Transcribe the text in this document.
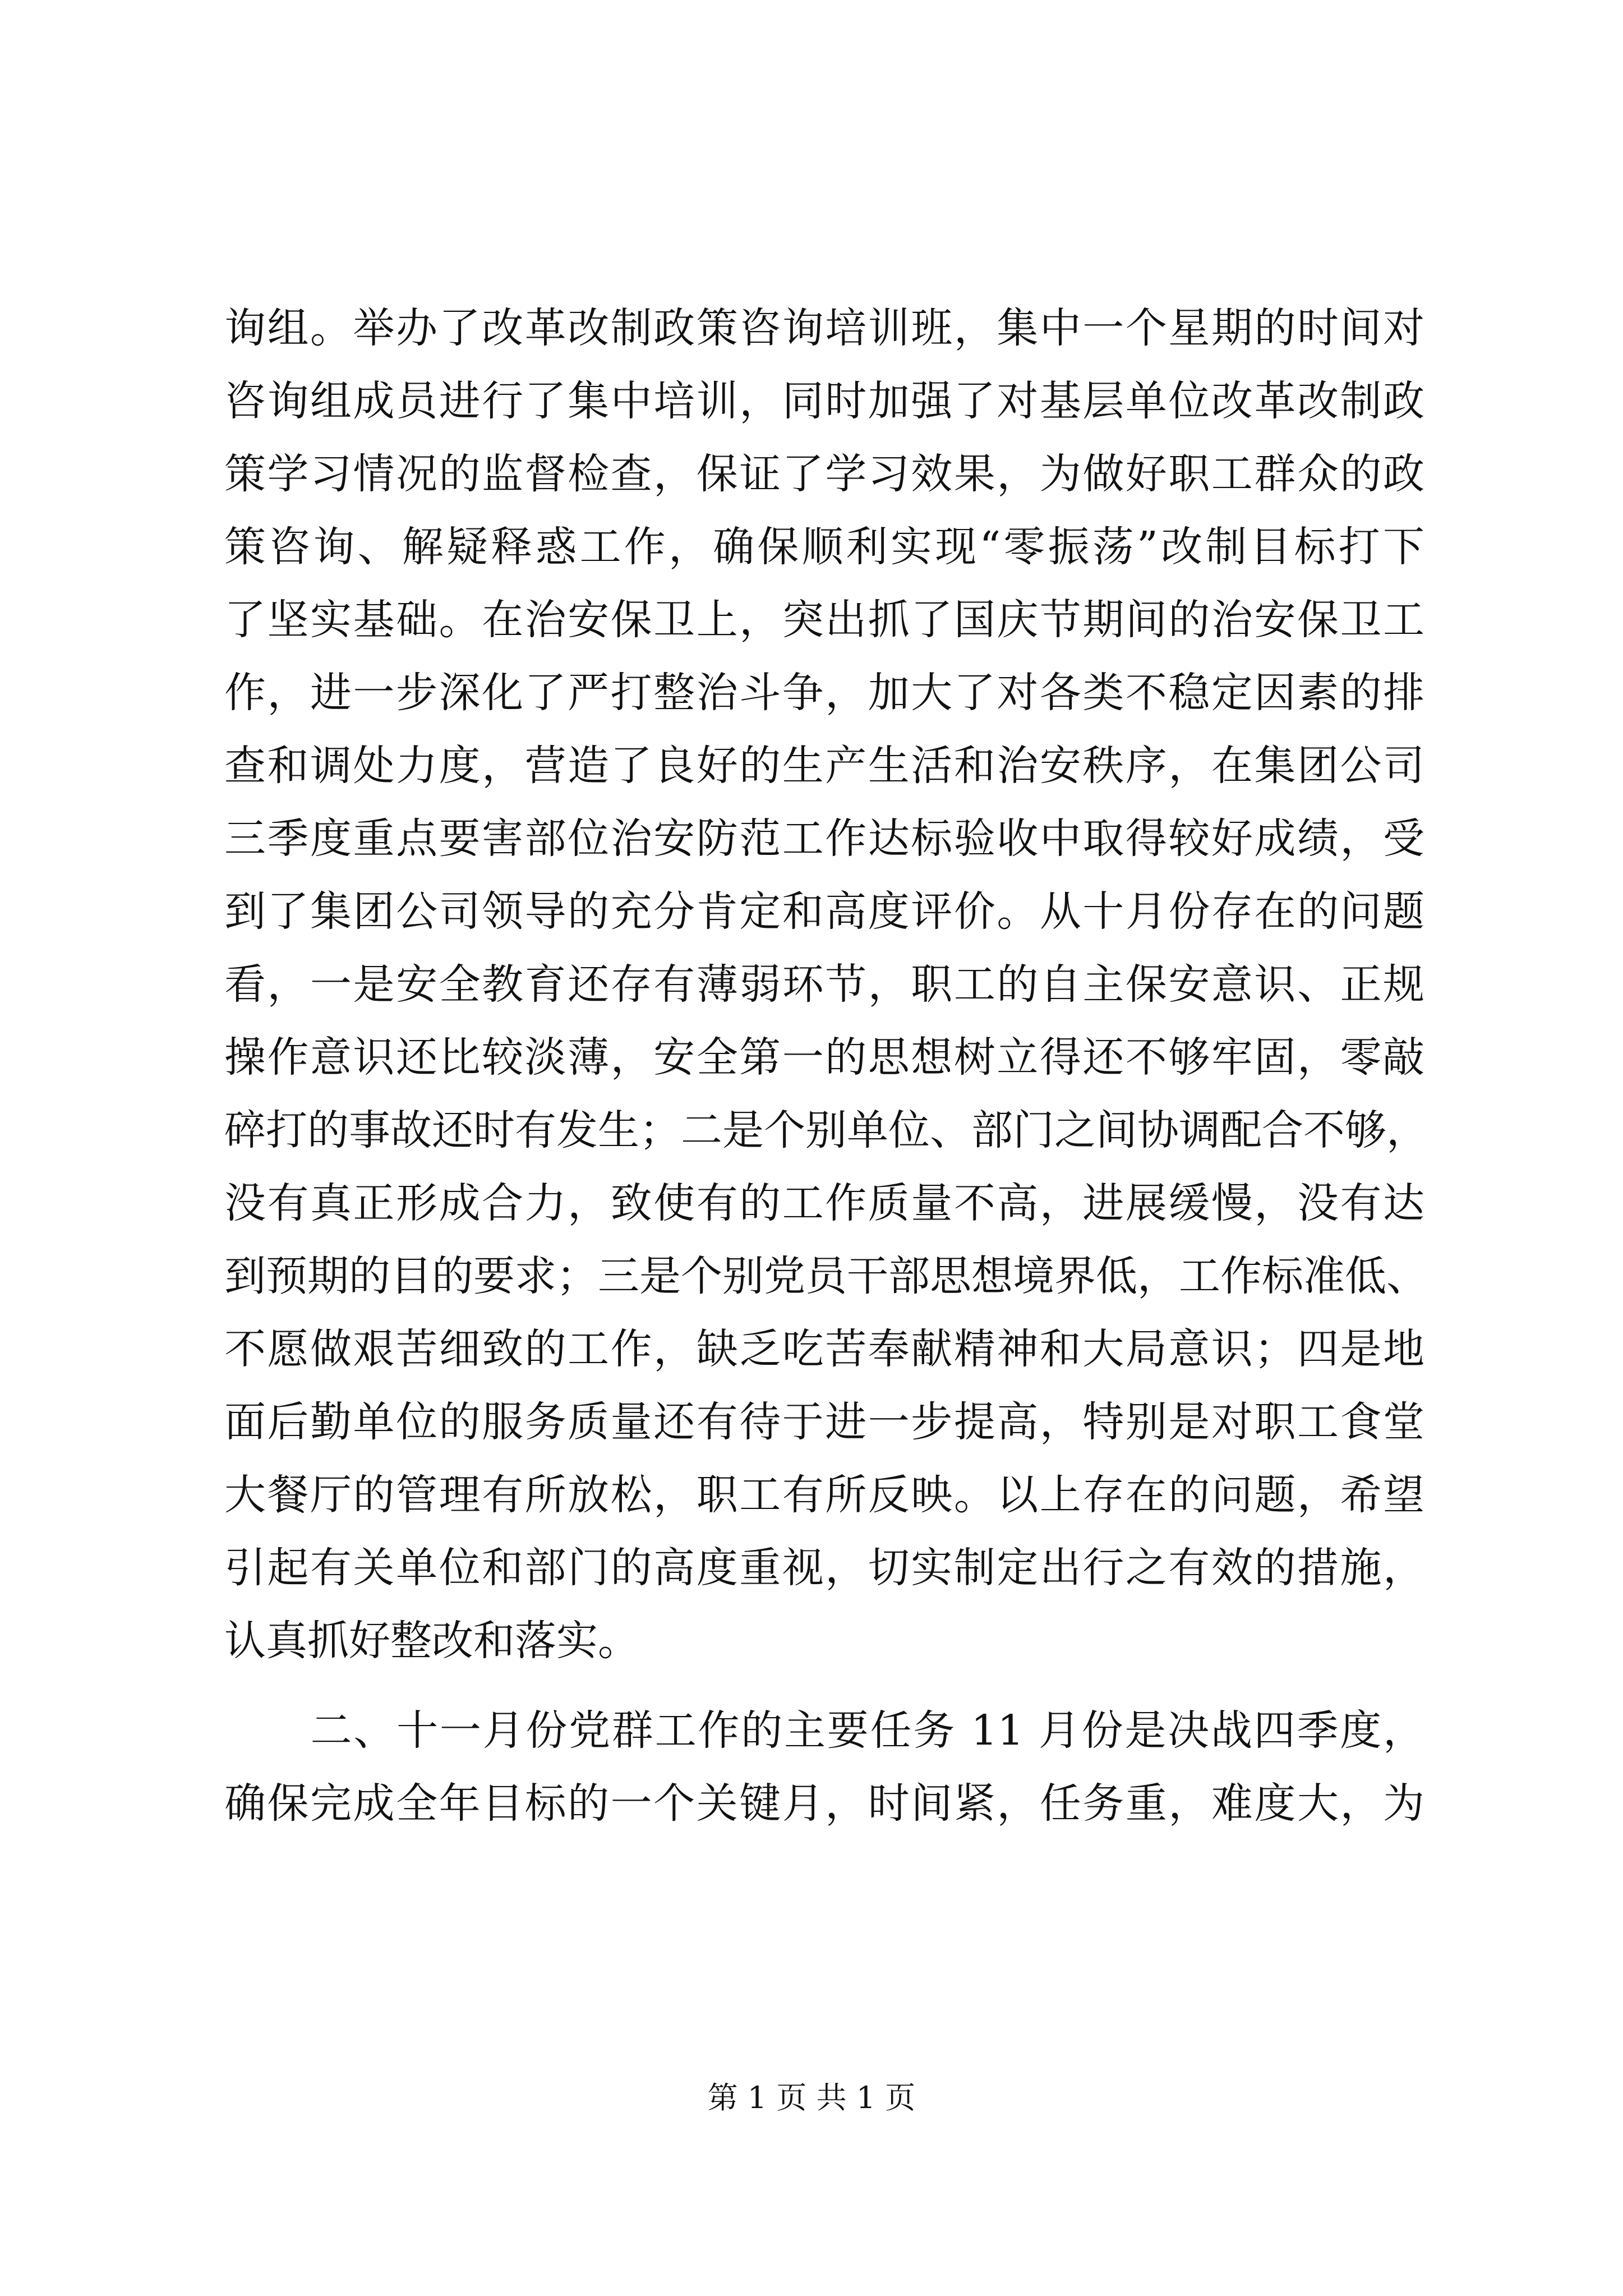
询组。举办了改革改制政策咨询培训班，集中一个星期的时间对
咨询组成员进行了集中培训，同时加强了对基层单位改革改制政
策学习情况的监督检查，保证了学习效果，为做好职工群众的政
策咨询、解疑释惑工作，确保顺利实现“零振荡”改制目标打下
了坚实基础。在治安保卫上，突出抓了国庆节期间的治安保卫工
作，进一步深化了严打整治斗争，加大了对各类不稳定因素的排
查和调处力度，营造了良好的生产生活和治安秩序，在集团公司
三季度重点要害部位治安防范工作达标验收中取得较好成绩，受
到了集团公司领导的充分肯定和高度评价。从十月份存在的问题
看，一是安全教育还存有薄弱环节，职工的自主保安意识、正规
操作意识还比较淡薄，安全第一的思想树立得还不够牢固，零敲
碎打的事故还时有发生；二是个别单位、部门之间协调配合不够，
没有真正形成合力，致使有的工作质量不高，进展缓慢，没有达
到预期的目的要求；三是个别党员干部思想境界低，工作标准低、
不愿做艰苦细致的工作，缺乏吃苦奉献精神和大局意识；四是地
面后勤单位的服务质量还有待于进一步提高，特别是对职工食堂
大餐厅的管理有所放松，职工有所反映。以上存在的问题，希望
引起有关单位和部门的高度重视，切实制定出行之有效的措施，
认真抓好整改和落实。
　　二、十一月份党群工作的主要任务 11 月份是决战四季度，
确保完成全年目标的一个关键月，时间紧，任务重，难度大，为
第 1 页 共 1 页
